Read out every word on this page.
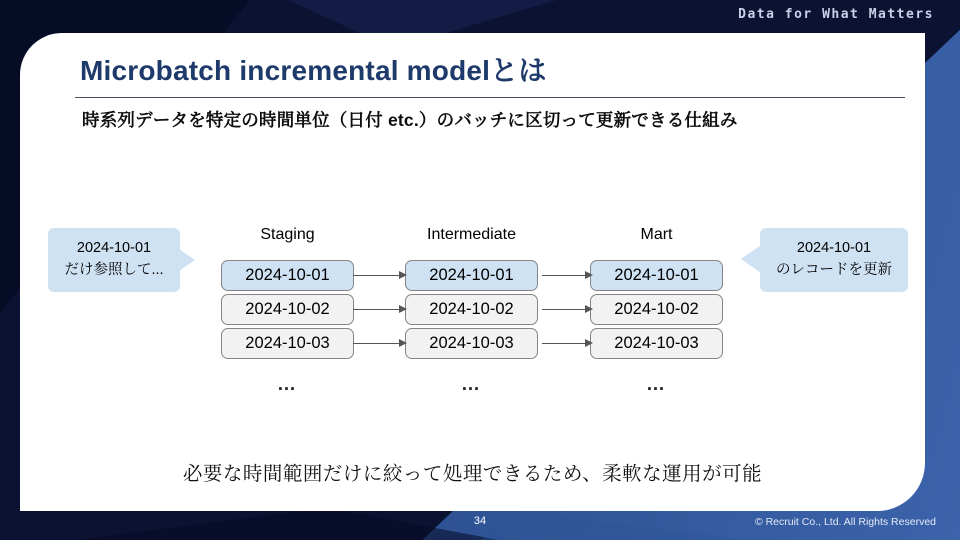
Data for What Matters
Microbatch incremental modelとは
時系列データを特定の時間単位（日付 etc.）のバッチに区切って更新できる仕組み
2024-10-01
だけ参照して...
Staging
2024-10-01
2024-10-02
2024-10-03
…
Intermediate
2024-10-01
2024-10-02
2024-10-03
…
Mart
2024-10-01
2024-10-02
2024-10-03
…
2024-10-01
のレコードを更新
必要な時間範囲だけに絞って処理できるため、柔軟な運用が可能
34	© Recruit Co., Ltd. All Rights Reserved
